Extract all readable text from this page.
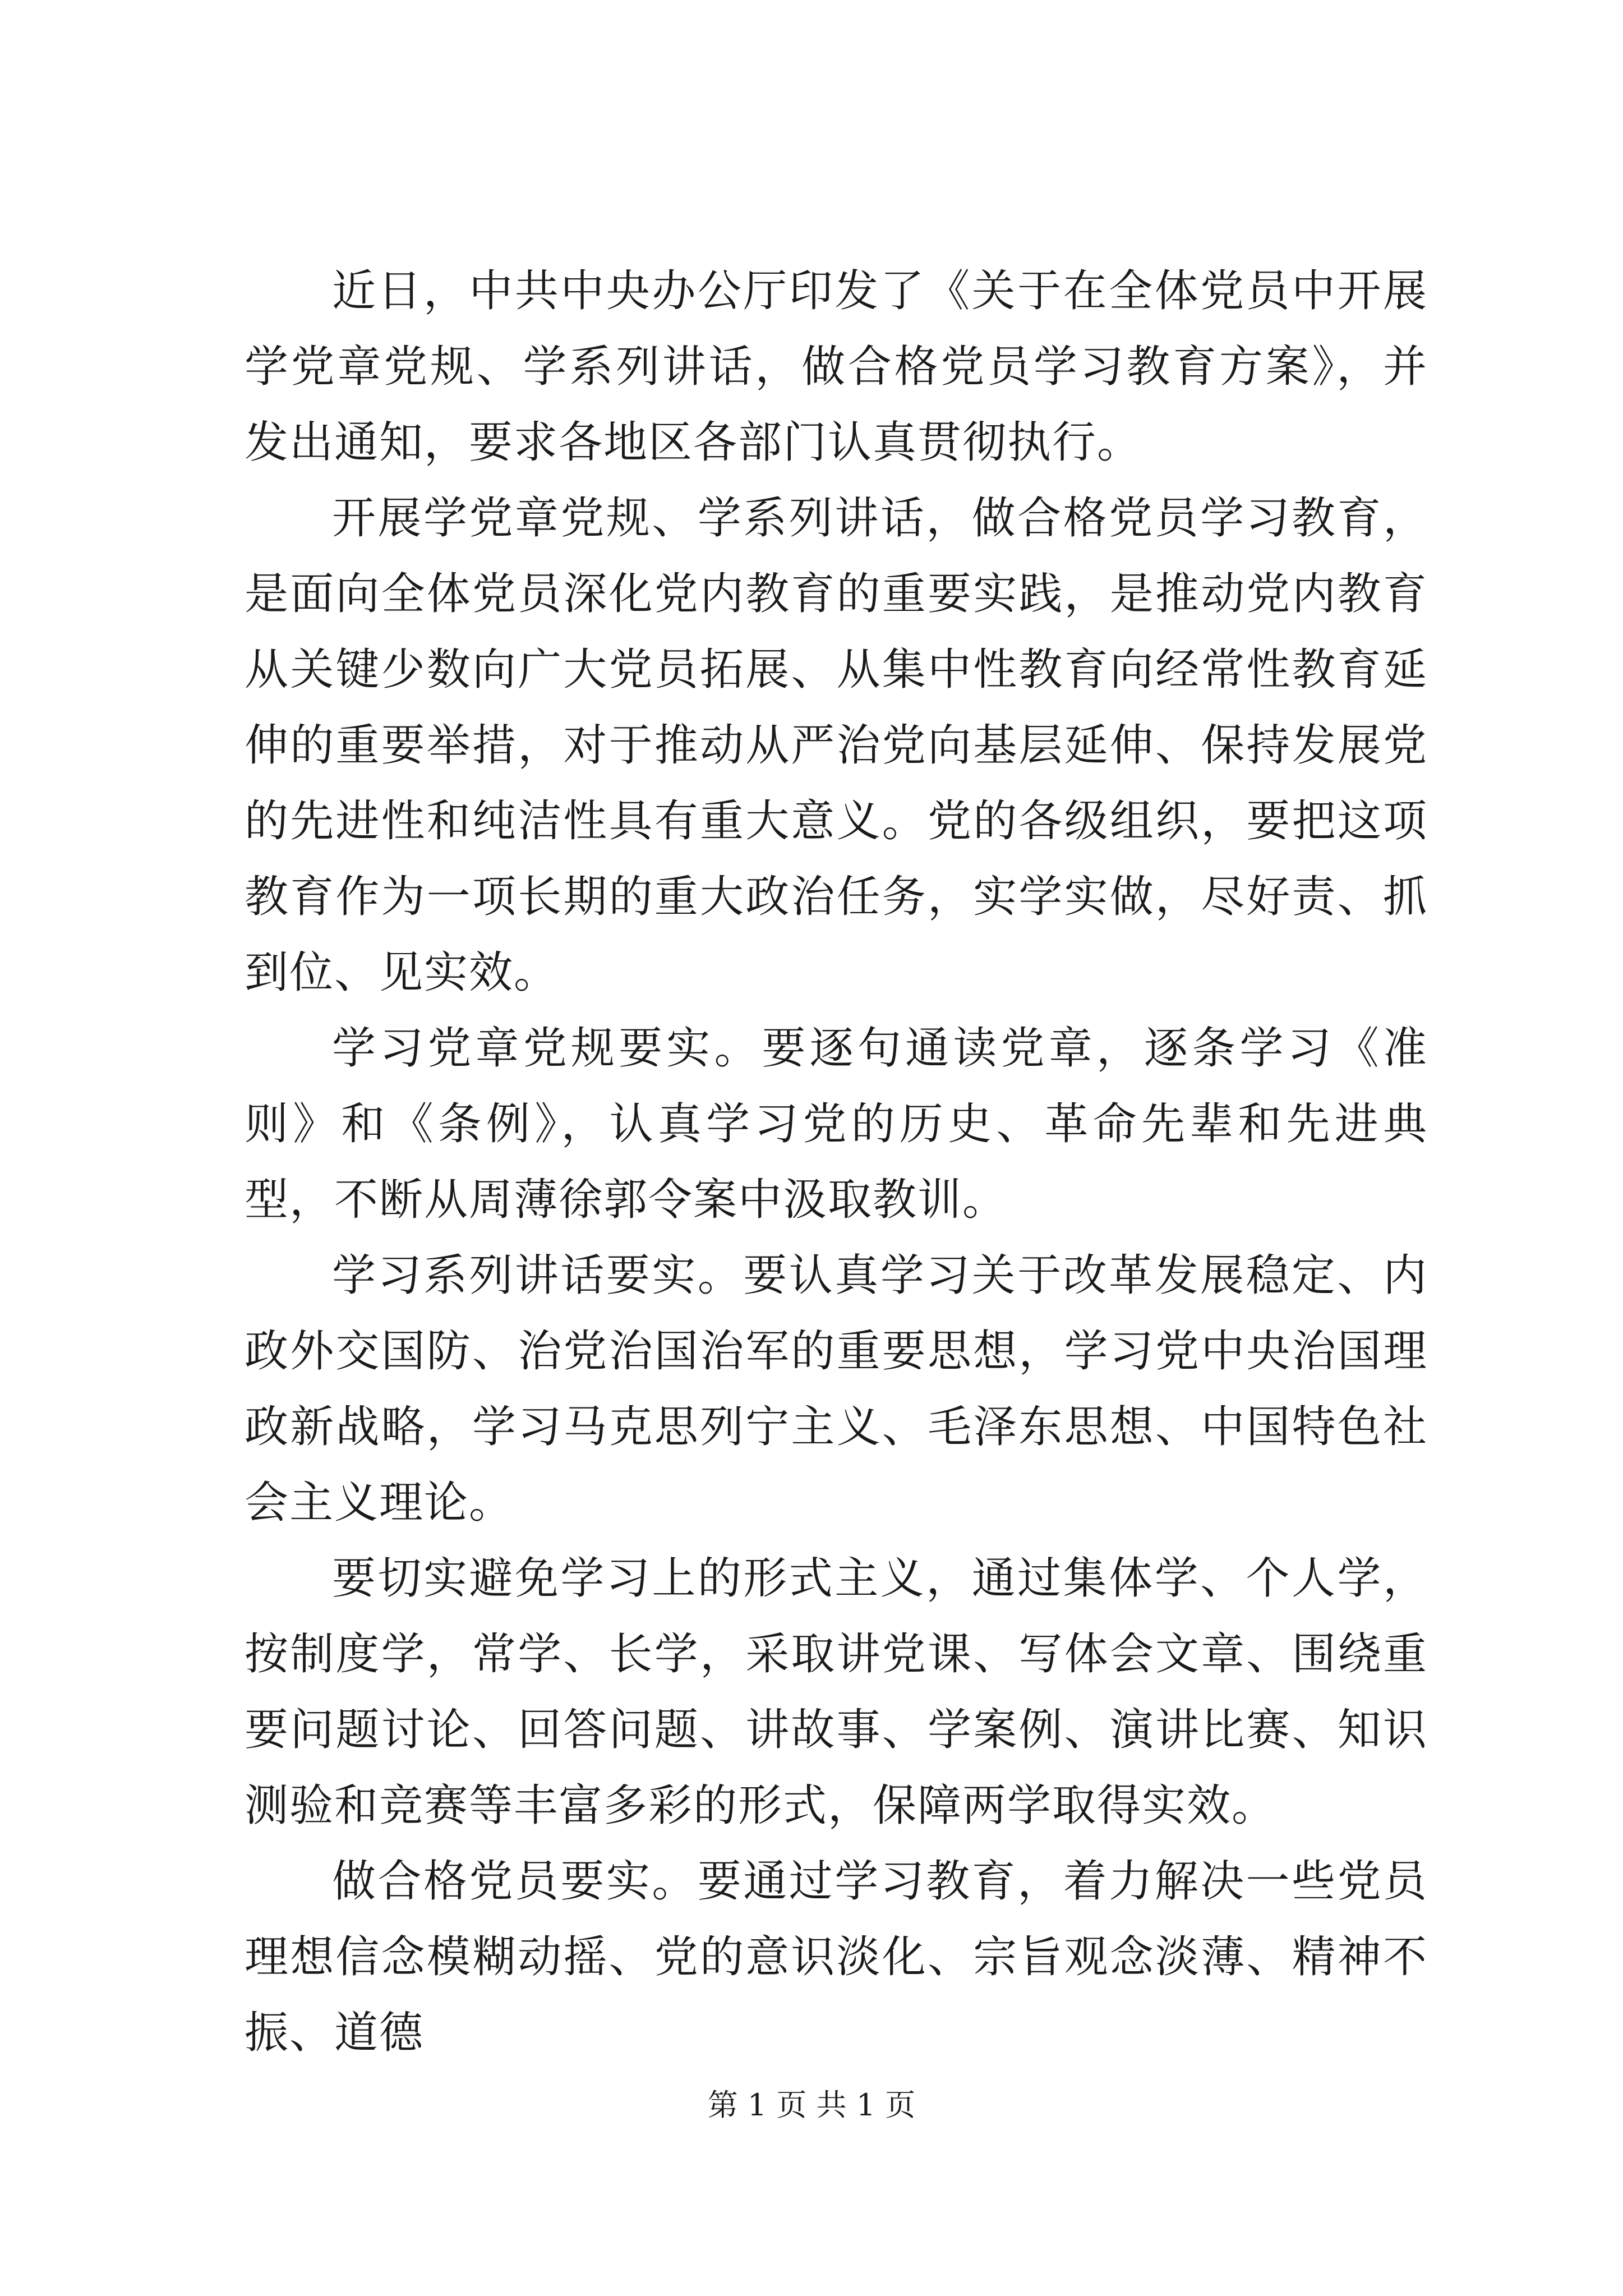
近日，中共中央办公厅印发了《关于在全体党员中开展学党章党规、学系列讲话，做合格党员学习教育方案》，并发出通知，要求各地区各部门认真贯彻执行。

开展学党章党规、学系列讲话，做合格党员学习教育，是面向全体党员深化党内教育的重要实践，是推动党内教育从关键少数向广大党员拓展、从集中性教育向经常性教育延伸的重要举措，对于推动从严治党向基层延伸、保持发展党的先进性和纯洁性具有重大意义。党的各级组织，要把这项教育作为一项长期的重大政治任务，实学实做，尽好责、抓到位、见实效。

学习党章党规要实。要逐句通读党章，逐条学习《准则》和《条例》，认真学习党的历史、革命先辈和先进典型，不断从周薄徐郭令案中汲取教训。

学习系列讲话要实。要认真学习关于改革发展稳定、内政外交国防、治党治国治军的重要思想，学习党中央治国理政新战略，学习马克思列宁主义、毛泽东思想、中国特色社会主义理论。

要切实避免学习上的形式主义，通过集体学、个人学，按制度学，常学、长学，采取讲党课、写体会文章、围绕重要问题讨论、回答问题、讲故事、学案例、演讲比赛、知识测验和竞赛等丰富多彩的形式，保障两学取得实效。

做合格党员要实。要通过学习教育，着力解决一些党员理想信念模糊动摇、党的意识淡化、宗旨观念淡薄、精神不振、道德

第 1 页 共 1 页
